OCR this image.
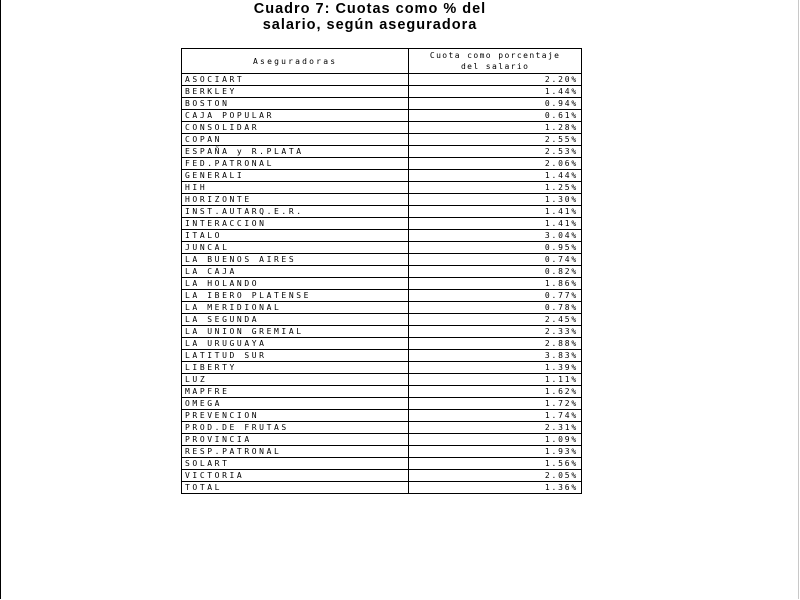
Cuadro 7: Cuotas como % del
salario, según aseguradora
Aseguradoras	Cuota como porcentaje
del salario

ASOCIART	2.20%
BERKLEY	1.44%
BOSTON	0.94%
CAJA POPULAR	0.61%
CONSOLIDAR	1.28%
COPAN	2.55%
ESPAÑA y R.PLATA	2.53%
FED.PATRONAL	2.06%
GENERALI	1.44%
HIH	1.25%
HORIZONTE	1.30%
INST.AUTARQ.E.R.	1.41%
INTERACCION	1.41%
ITALO	3.04%
JUNCAL	0.95%
LA BUENOS AIRES	0.74%
LA CAJA	0.82%
LA HOLANDO	1.86%
LA IBERO PLATENSE	0.77%
LA MERIDIONAL	0.78%
LA SEGUNDA	2.45%
LA UNION GREMIAL	2.33%
LA URUGUAYA	2.88%
LATITUD SUR	3.83%
LIBERTY	1.39%
LUZ	1.11%
MAPFRE	1.62%
OMEGA	1.72%
PREVENCION	1.74%
PROD.DE FRUTAS	2.31%
PROVINCIA	1.09%
RESP.PATRONAL	1.93%
SOLART	1.56%
VICTORIA	2.05%
TOTAL	1.36%
